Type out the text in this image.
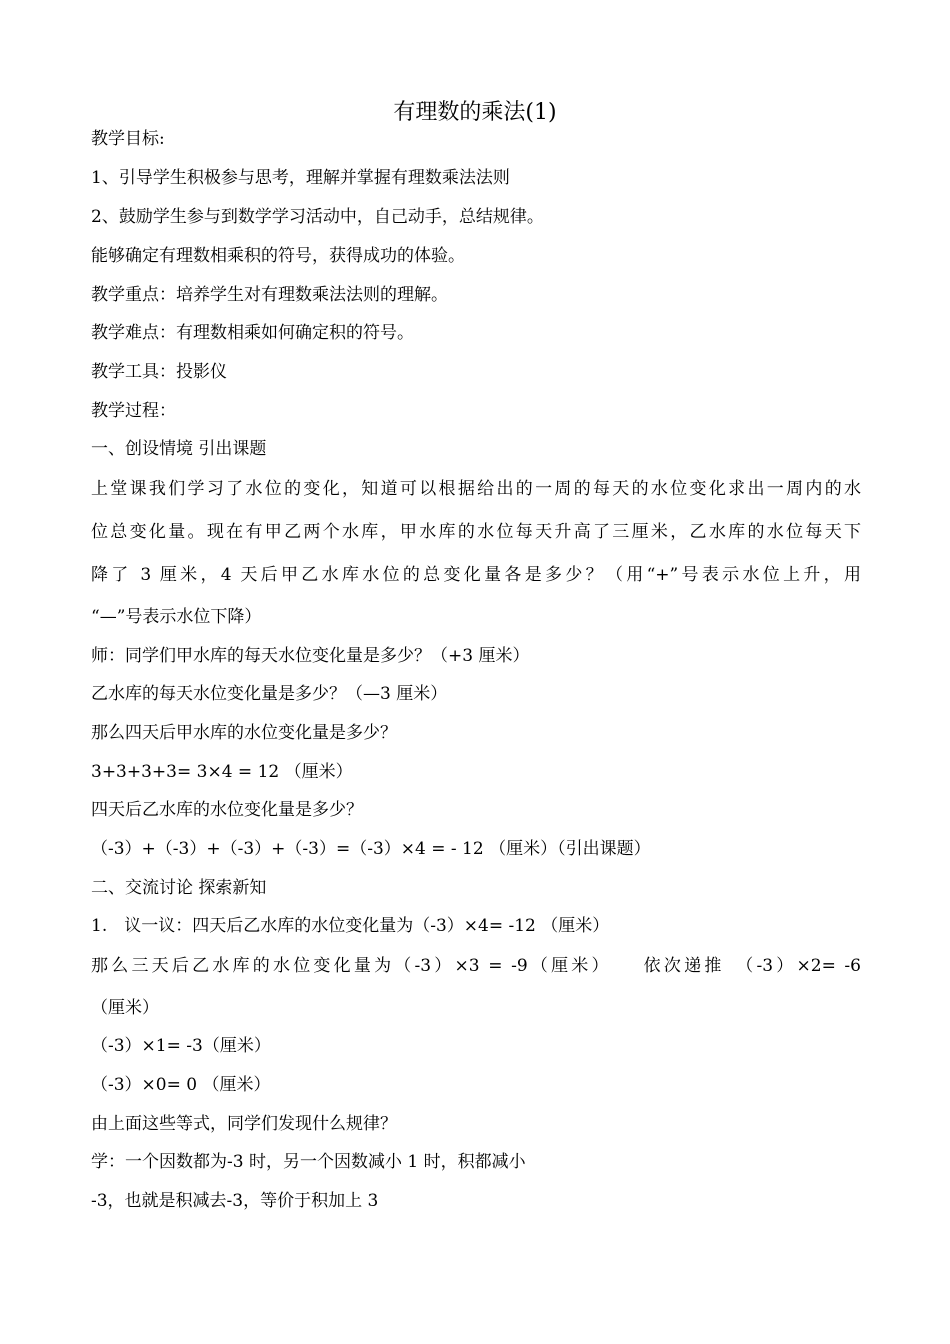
有理数的乘法(1)
教学目标:
1、引导学生积极参与思考，理解并掌握有理数乘法法则
2、鼓励学生参与到数学学习活动中，自己动手，总结规律。
能够确定有理数相乘积的符号，获得成功的体验。
教学重点：培养学生对有理数乘法法则的理解。
教学难点：有理数相乘如何确定积的符号。
教学工具：投影仪
教学过程：
一、创设情境 引出课题
上堂课我们学习了水位的变化，知道可以根据给出的一周的每天的水位变化求出一周内的水
位总变化量。现在有甲乙两个水库，甲水库的水位每天升高了三厘米，乙水库的水位每天下
降了 3 厘米，4 天后甲乙水库水位的总变化量各是多少？（用“+”号表示水位上升，用
“—”号表示水位下降）
师：同学们甲水库的每天水位变化量是多少？（+3 厘米）
乙水库的每天水位变化量是多少？（—3 厘米）
那么四天后甲水库的水位变化量是多少？
3+3+3+3= 3×4 = 12 （厘米）
四天后乙水库的水位变化量是多少？
（-3）+（-3）+（-3）+（-3）=（-3）×4 = - 12 （厘米）（引出课题）
二、交流讨论 探索新知
1.　议一议：四天后乙水库的水位变化量为（-3）×4= -12 （厘米）
那么三天后乙水库的水位变化量为（-3）×3 = -9（厘米）　　依次递推　（-3）×2= -6
（厘米）
（-3）×1= -3（厘米）
（-3）×0= 0 （厘米）
由上面这些等式，同学们发现什么规律？
学：一个因数都为-3 时，另一个因数减小 1 时，积都减小
-3，也就是积减去-3，等价于积加上 3
